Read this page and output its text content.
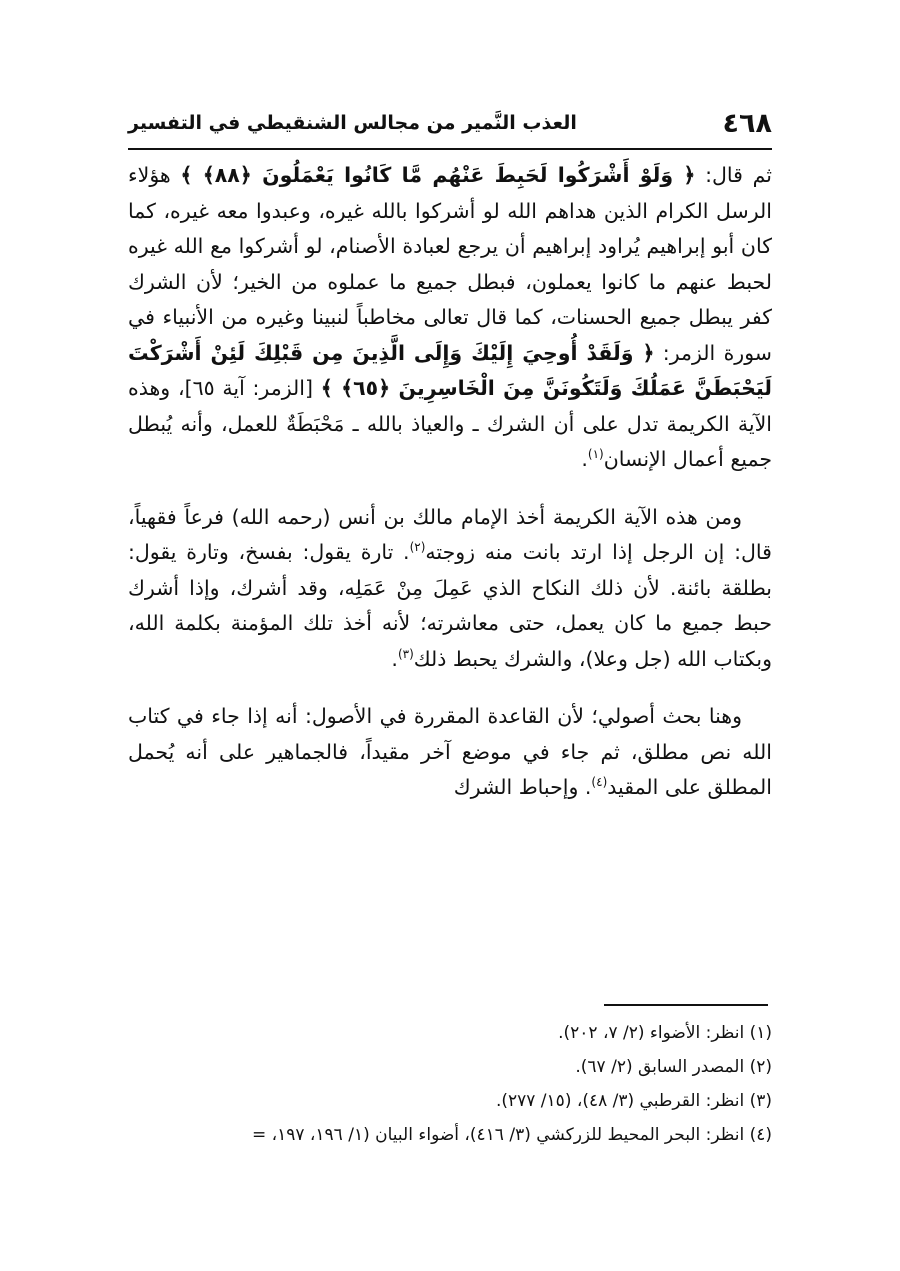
٤٦٨
العذب النَّمير من مجالس الشنقيطي في التفسير

ثم قال: ﴿ وَلَوْ أَشْرَكُوا لَحَبِطَ عَنْهُم مَّا كَانُوا يَعْمَلُونَ ﴿٨٨﴾ ﴾ هؤلاء الرسل الكرام الذين هداهم الله لو أشركوا بالله غيره، وعبدوا معه غيره، كما كان أبو إبراهيم يُراود إبراهيم أن يرجع لعبادة الأصنام، لو أشركوا مع الله غيره لحبط عنهم ما كانوا يعملون، فبطل جميع ما عملوه من الخير؛ لأن الشرك كفر يبطل جميع الحسنات، كما قال تعالى مخاطباً لنبينا وغيره من الأنبياء في سورة الزمر: ﴿ وَلَقَدْ أُوحِيَ إِلَيْكَ وَإِلَى الَّذِينَ مِن قَبْلِكَ لَئِنْ أَشْرَكْتَ لَيَحْبَطَنَّ عَمَلُكَ وَلَتَكُونَنَّ مِنَ الْخَاسِرِينَ ﴿٦٥﴾ ﴾ [الزمر: آية ٦٥]، وهذه الآية الكريمة تدل على أن الشرك ـ والعياذ بالله ـ مَحْبَطَةٌ للعمل، وأنه يُبطل جميع أعمال الإنسان$^{(١)}$.

ومن هذه الآية الكريمة أخذ الإمام مالك بن أنس (رحمه الله) فرعاً فقهياً، قال: إن الرجل إذا ارتد بانت منه زوجته$^{(٢)}$. تارة يقول: بفسخ، وتارة يقول: بطلقة بائنة. لأن ذلك النكاح الذي عَمِلَ مِنْ عَمَلِه، وقد أشرك، وإذا أشرك حبط جميع ما كان يعمل، حتى معاشرته؛ لأنه أخذ تلك المؤمنة بكلمة الله، وبكتاب الله (جل وعلا)، والشرك يحبط ذلك$^{(٣)}$.

وهنا بحث أصولي؛ لأن القاعدة المقررة في الأصول: أنه إذا جاء في كتاب الله نص مطلق، ثم جاء في موضع آخر مقيداً، فالجماهير على أنه يُحمل المطلق على المقيد$^{(٤)}$. وإحباط الشرك

(١) انظر: الأضواء (٢/ ٧، ٢٠٢).
(٢) المصدر السابق (٢/ ٦٧).
(٣) انظر: القرطبي (٣/ ٤٨)، (١٥/ ٢٧٧).
(٤) انظر: البحر المحيط للزركشي (٣/ ٤١٦)، أضواء البيان (١/ ١٩٦، ١٩٧، =
